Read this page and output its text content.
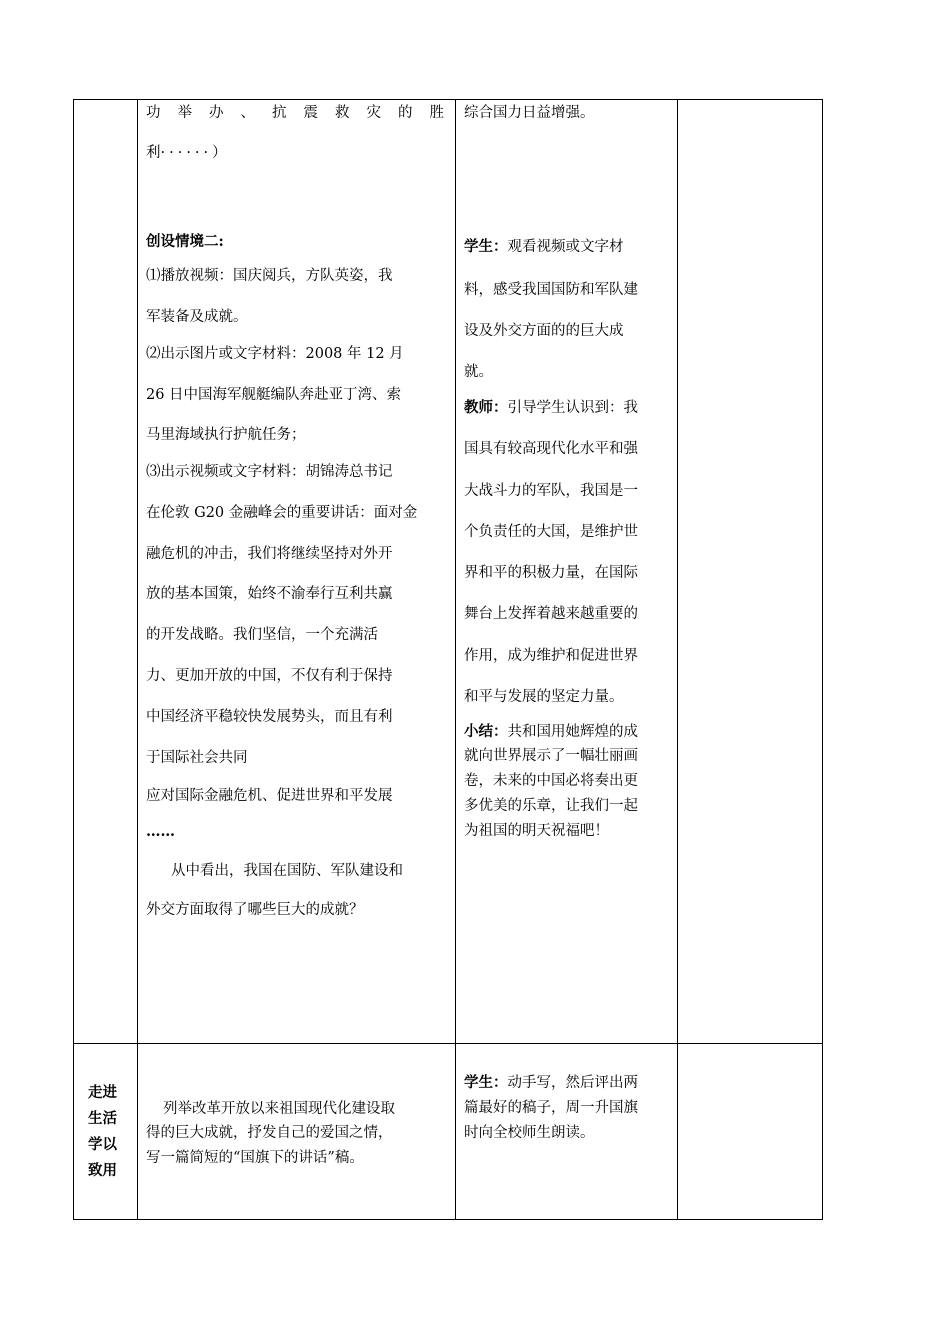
功举办、抗震救灾的胜
利······）
创设情境二:
⑴播放视频：国庆阅兵，方队英姿，我
军装备及成就。
⑵出示图片或文字材料：2008 年 12 月
26 日中国海军舰艇编队奔赴亚丁湾、索
马里海域执行护航任务；
⑶出示视频或文字材料：胡锦涛总书记
在伦敦 G20 金融峰会的重要讲话：面对金
融危机的冲击，我们将继续坚持对外开
放的基本国策，始终不渝奉行互利共赢
的开发战略。我们坚信，一个充满活
力、更加开放的中国，不仅有利于保持
中国经济平稳较快发展势头，而且有利
于国际社会共同
应对国际金融危机、促进世界和平发展
……
从中看出，我国在国防、军队建设和
外交方面取得了哪些巨大的成就？
综合国力日益增强。
学生：观看视频或文字材
料，感受我国国防和军队建
设及外交方面的的巨大成
就。
教师：引导学生认识到：我
国具有较高现代化水平和强
大战斗力的军队，我国是一
个负责任的大国，是维护世
界和平的积极力量，在国际
舞台上发挥着越来越重要的
作用，成为维护和促进世界
和平与发展的坚定力量。
小结：共和国用她辉煌的成
就向世界展示了一幅壮丽画
卷，未来的中国必将奏出更
多优美的乐章，让我们一起
为祖国的明天祝福吧！
走进
生活
学以
致用
列举改革开放以来祖国现代化建设取
得的巨大成就，抒发自己的爱国之情，
写一篇简短的“国旗下的讲话”稿。
学生：动手写，然后评出两
篇最好的稿子，周一升国旗
时向全校师生朗读。
